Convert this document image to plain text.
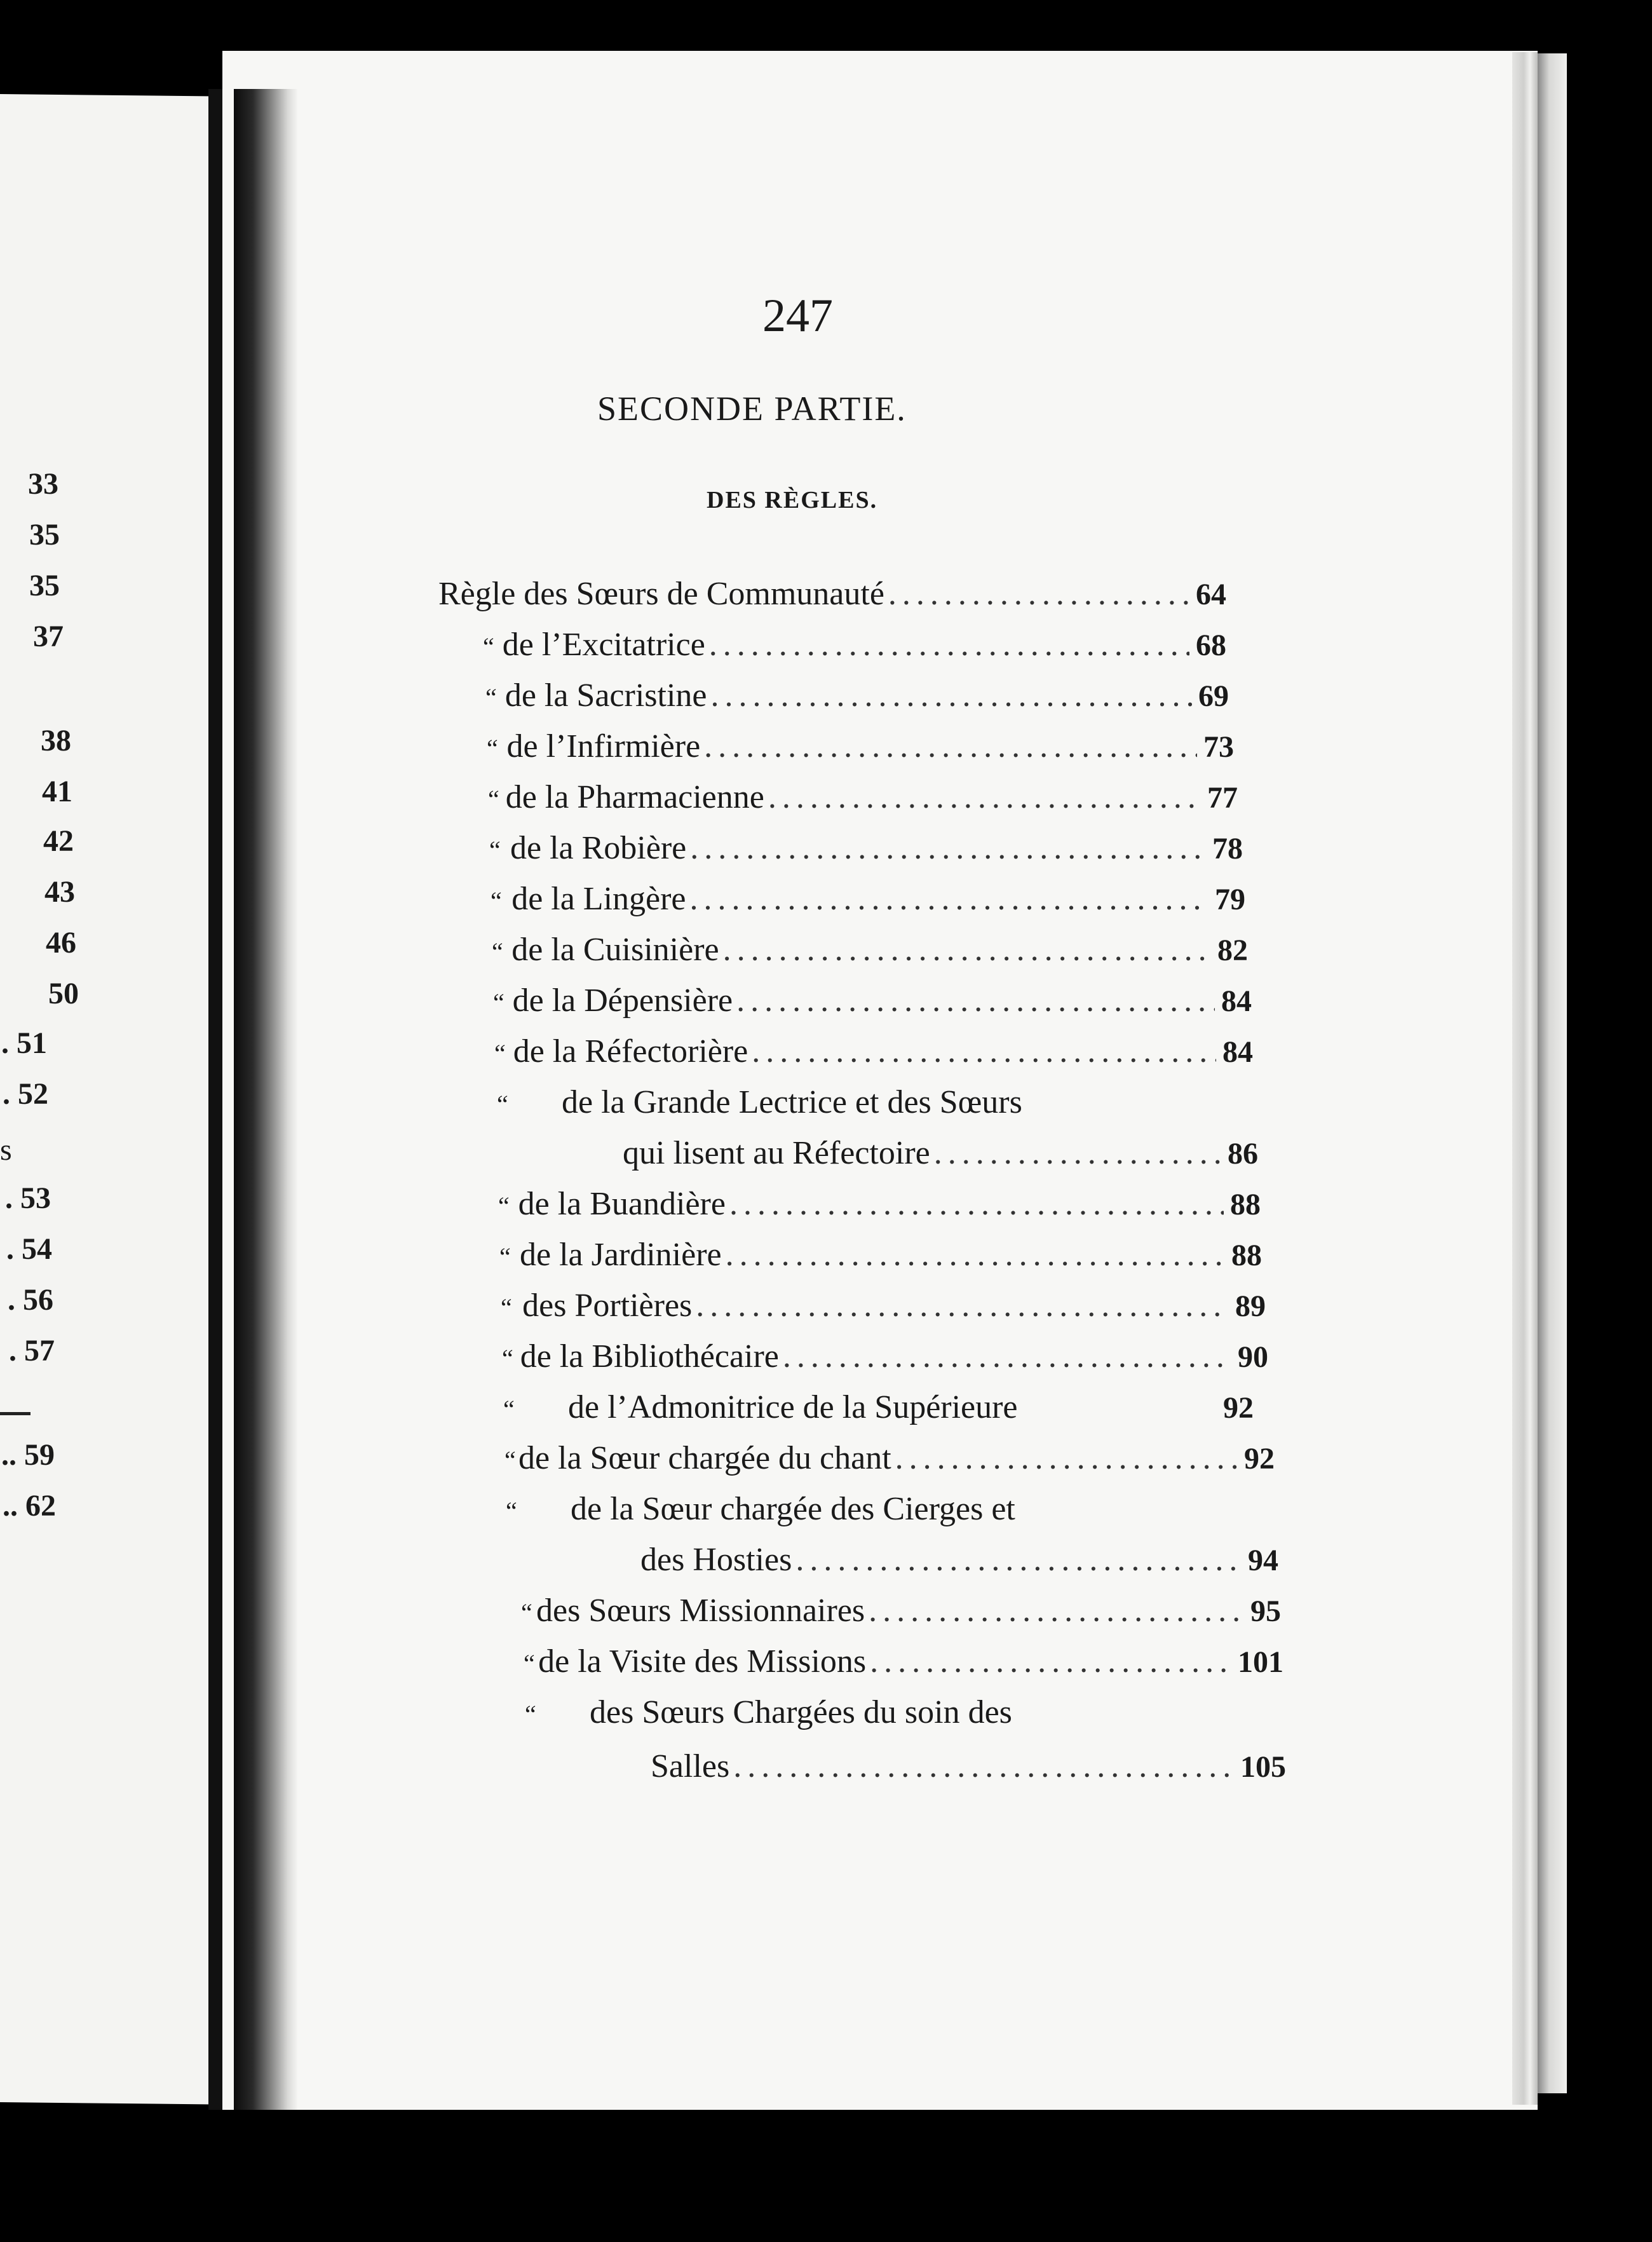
33
35
35
37
38
41
42
43
46
50
. 51
. 52
s
. 53
. 54
. 56
. 57
.. 59
.. 62
247
SECONDE PARTIE.
DES RÈGLES.
Règle des Sœurs de Communauté .....	64
“ de l’Excitatrice .....	68
“ de la Sacristine .....	69
“ de l’Infirmière .....	73
“ de la Pharmacienne .....	77
“ de la Robière .....	78
“ de la Lingère .....	79
“ de la Cuisinière .....	82
“ de la Dépensière .....	84
“ de la Réfectorière .....	84
“	de la Grande Lectrice et des Sœurs
qui lisent au Réfectoire .....	86
“ de la Buandière .....	88
“ de la Jardinière .....	88
“ des Portières .....	89
“ de la Bibliothécaire .....	90
“	de l’Admonitrice de la Supérieure	92
“ de la Sœur chargée du chant .....	92
“	de la Sœur chargée des Cierges et
des Hosties .....	94
“ des Sœurs Missionnaires .....	95
“ de la Visite des Missions .....	101
“	des Sœurs Chargées du soin des
Salles .....	105
